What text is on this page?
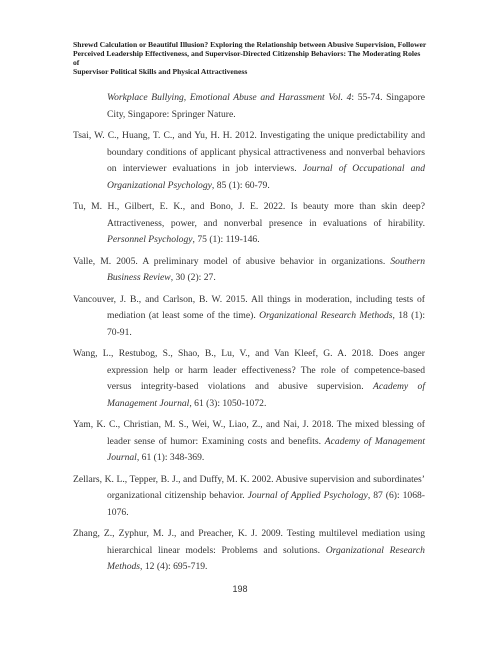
Shrewd Calculation or Beautiful Illusion? Exploring the Relationship between Abusive Supervision, Follower
Perceived Leadership Effectiveness, and Supervisor-Directed Citizenship Behaviors: The Moderating Roles of
Supervisor Political Skills and Physical Attractiveness
Workplace Bullying, Emotional Abuse and Harassment Vol. 4: 55-74. Singapore City, Singapore: Springer Nature.
Tsai, W. C., Huang, T. C., and Yu, H. H. 2012. Investigating the unique predictability and boundary conditions of applicant physical attractiveness and nonverbal behaviors on interviewer evaluations in job interviews. Journal of Occupational and Organizational Psychology, 85 (1): 60-79.
Tu, M. H., Gilbert, E. K., and Bono, J. E. 2022. Is beauty more than skin deep? Attractiveness, power, and nonverbal presence in evaluations of hirability. Personnel Psychology, 75 (1): 119-146.
Valle, M. 2005. A preliminary model of abusive behavior in organizations. Southern Business Review, 30 (2): 27.
Vancouver, J. B., and Carlson, B. W. 2015. All things in moderation, including tests of mediation (at least some of the time). Organizational Research Methods, 18 (1): 70-91.
Wang, L., Restubog, S., Shao, B., Lu, V., and Van Kleef, G. A. 2018. Does anger expression help or harm leader effectiveness? The role of competence-based versus integrity-based violations and abusive supervision. Academy of Management Journal, 61 (3): 1050-1072.
Yam, K. C., Christian, M. S., Wei, W., Liao, Z., and Nai, J. 2018. The mixed blessing of leader sense of humor: Examining costs and benefits. Academy of Management Journal, 61 (1): 348-369.
Zellars, K. L., Tepper, B. J., and Duffy, M. K. 2002. Abusive supervision and subordinates’ organizational citizenship behavior. Journal of Applied Psychology, 87 (6): 1068-1076.
Zhang, Z., Zyphur, M. J., and Preacher, K. J. 2009. Testing multilevel mediation using hierarchical linear models: Problems and solutions. Organizational Research Methods, 12 (4): 695-719.
198
